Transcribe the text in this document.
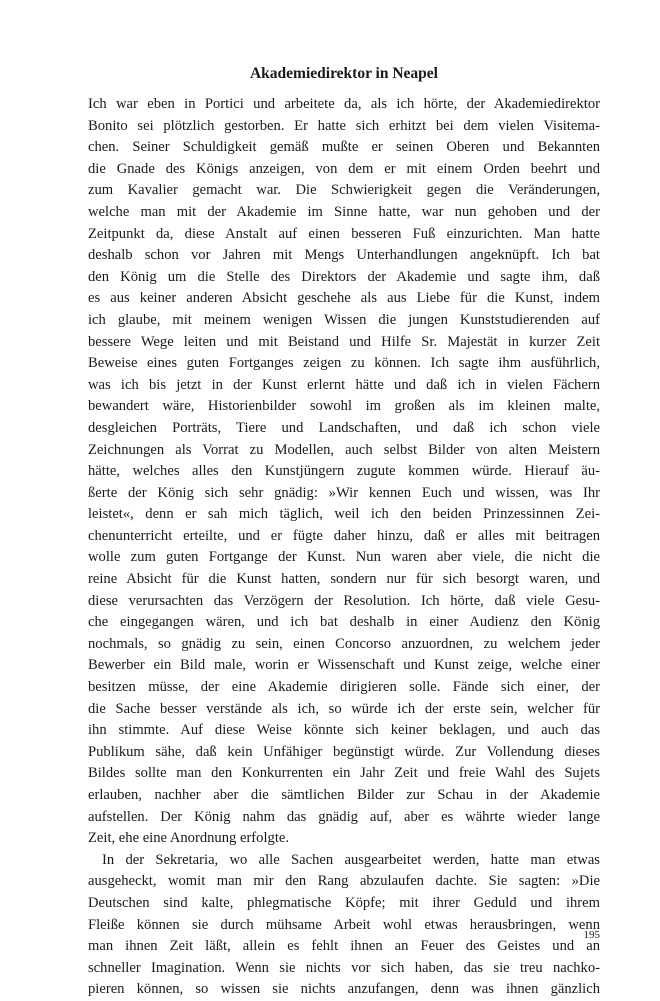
Akademiedirektor in Neapel
Ich war eben in Portici und arbeitete da, als ich hörte, der Akademiedirektor
Bonito sei plötzlich gestorben. Er hatte sich erhitzt bei dem vielen Visitema-
chen. Seiner Schuldigkeit gemäß mußte er seinen Oberen und Bekannten
die Gnade des Königs anzeigen, von dem er mit einem Orden beehrt und
zum Kavalier gemacht war. Die Schwierigkeit gegen die Veränderungen,
welche man mit der Akademie im Sinne hatte, war nun gehoben und der
Zeitpunkt da, diese Anstalt auf einen besseren Fuß einzurichten. Man hatte
deshalb schon vor Jahren mit Mengs Unterhandlungen angeknüpft. Ich bat
den König um die Stelle des Direktors der Akademie und sagte ihm, daß
es aus keiner anderen Absicht geschehe als aus Liebe für die Kunst, indem
ich glaube, mit meinem wenigen Wissen die jungen Kunststudierenden auf
bessere Wege leiten und mit Beistand und Hilfe Sr. Majestät in kurzer Zeit
Beweise eines guten Fortganges zeigen zu können. Ich sagte ihm ausführlich,
was ich bis jetzt in der Kunst erlernt hätte und daß ich in vielen Fächern
bewandert wäre, Historienbilder sowohl im großen als im kleinen malte,
desgleichen Porträts, Tiere und Landschaften, und daß ich schon viele
Zeichnungen als Vorrat zu Modellen, auch selbst Bilder von alten Meistern
hätte, welches alles den Kunstjüngern zugute kommen würde. Hierauf äu-
ßerte der König sich sehr gnädig: »Wir kennen Euch und wissen, was Ihr
leistet«, denn er sah mich täglich, weil ich den beiden Prinzessinnen Zei-
chenunterricht erteilte, und er fügte daher hinzu, daß er alles mit beitragen
wolle zum guten Fortgange der Kunst. Nun waren aber viele, die nicht die
reine Absicht für die Kunst hatten, sondern nur für sich besorgt waren, und
diese verursachten das Verzögern der Resolution. Ich hörte, daß viele Gesu-
che eingegangen wären, und ich bat deshalb in einer Audienz den König
nochmals, so gnädig zu sein, einen Concorso anzuordnen, zu welchem jeder
Bewerber ein Bild male, worin er Wissenschaft und Kunst zeige, welche einer
besitzen müsse, der eine Akademie dirigieren solle. Fände sich einer, der
die Sache besser verstände als ich, so würde ich der erste sein, welcher für
ihn stimmte. Auf diese Weise könnte sich keiner beklagen, und auch das
Publikum sähe, daß kein Unfähiger begünstigt würde. Zur Vollendung dieses
Bildes sollte man den Konkurrenten ein Jahr Zeit und freie Wahl des Sujets
erlauben, nachher aber die sämtlichen Bilder zur Schau in der Akademie
aufstellen. Der König nahm das gnädig auf, aber es währte wieder lange
Zeit, ehe eine Anordnung erfolgte.
In der Sekretaria, wo alle Sachen ausgearbeitet werden, hatte man etwas
ausgeheckt, womit man mir den Rang abzulaufen dachte. Sie sagten: »Die
Deutschen sind kalte, phlegmatische Köpfe; mit ihrer Geduld und ihrem
Fleiße können sie durch mühsame Arbeit wohl etwas herausbringen, wenn
man ihnen Zeit läßt, allein es fehlt ihnen an Feuer des Geistes und an
schneller Imagination. Wenn sie nichts vor sich haben, das sie treu nachko-
pieren können, so wissen sie nichts anzufangen, denn was ihnen gänzlich
195
